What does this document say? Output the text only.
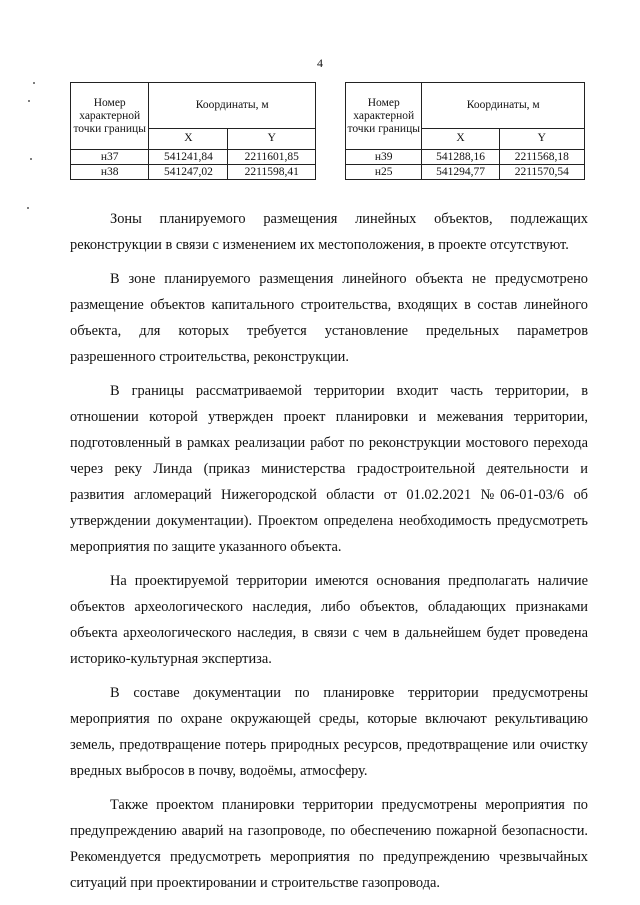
4
Номер характерной точки границы	Координаты, м	
	X	Y
н37	541241,84	2211601,85
н38	541247,02	2211598,41
Номер характерной точки границы	Координаты, м	
	X	Y
н39	541288,16	2211568,18
н25	541294,77	2211570,54

Зоны планируемого размещения линейных объектов, подлежащих реконструкции в связи с изменением их местоположения, в проекте отсутствуют.

В зоне планируемого размещения линейного объекта не предусмотрено размещение объектов капитального строительства, входящих в состав линейного объекта, для которых требуется установление предельных параметров разрешенного строительства, реконструкции.

В границы рассматриваемой территории входит часть территории, в отношении которой утвержден проект планировки и межевания территории, подготовленный в рамках реализации работ по реконструкции мостового перехода через реку Линда (приказ министерства градостроительной деятельности и развития агломераций Нижегородской области от 01.02.2021 №06-01-03/6 об утверждении документации). Проектом определена необходимость предусмотреть мероприятия по защите указанного объекта.

На проектируемой территории имеются основания предполагать наличие объектов археологического наследия, либо объектов, обладающих признаками объекта археологического наследия, в связи с чем в дальнейшем будет проведена историко-культурная экспертиза.

В составе документации по планировке территории предусмотрены мероприятия по охране окружающей среды, которые включают рекультивацию земель, предотвращение потерь природных ресурсов, предотвращение или очистку вредных выбросов в почву, водоёмы, атмосферу.

Также проектом планировки территории предусмотрены мероприятия по предупреждению аварий на газопроводе, по обеспечению пожарной безопасности. Рекомендуется предусмотреть мероприятия по предупреждению чрезвычайных ситуаций при проектировании и строительстве газопровода.
